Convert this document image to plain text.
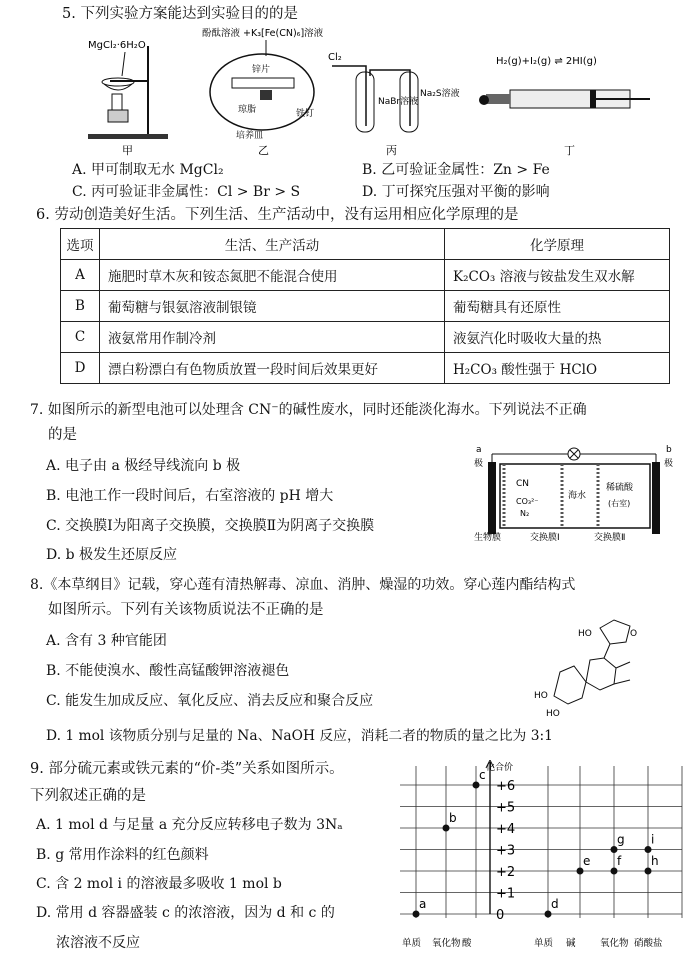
5. 下列实验方案能达到实验目的的是
MgCl₂·6H₂O
酚酞溶液 +K₃[Fe(CN)₆]溶液
锌片
琼脂	铁钉
培养皿
Cl₂
NaBr溶液
Na₂S溶液
H₂(g)+I₂(g) ⇌ 2HI(g)
甲	乙	丙	丁
A. 甲可制取无水 MgCl₂	B. 乙可验证金属性：Zn > Fe
C. 丙可验证非金属性：Cl > Br > S	D. 丁可探究压强对平衡的影响
6. 劳动创造美好生活。下列生活、生产活动中，没有运用相应化学原理的是
选项	生活、生产活动	化学原理
A	施肥时草木灰和铵态氮肥不能混合使用	K₂CO₃ 溶液与铵盐发生双水解
B	葡萄糖与银氨溶液制银镜	葡萄糖具有还原性
C	液氨常用作制冷剂	液氨汽化时吸收大量的热
D	漂白粉漂白有色物质放置一段时间后效果更好	H₂CO₃ 酸性强于 HClO
7. 如图所示的新型电池可以处理含 CN⁻的碱性废水，同时还能淡化海水。下列说法不正确
的是
A. 电子由 a 极经导线流向 b 极
B. 电池工作一段时间后，右室溶液的 pH 增大
C. 交换膜Ⅰ为阳离子交换膜，交换膜Ⅱ为阴离子交换膜
D. b 极发生还原反应
a
极
b
极
CN
CO₃²⁻
N₂
海水
稀硫酸
(右室)
生物膜	交换膜Ⅰ	交换膜Ⅱ
8.《本草纲目》记载，穿心莲有清热解毒、凉血、消肿、燥湿的功效。穿心莲内酯结构式
如图所示。下列有关该物质说法不正确的是
A. 含有 3 种官能团
B. 不能使溴水、酸性高锰酸钾溶液褪色
C. 能发生加成反应、氧化反应、消去反应和聚合反应
D. 1 mol 该物质分别与足量的 Na、NaOH 反应，消耗二者的物质的量之比为 3:1
O
HO
HO
HO
9. 部分硫元素或铁元素的“价-类”关系如图所示。
下列叙述正确的是
A. 1 mol d 与足量 a 充分反应转移电子数为 3Nₐ
B. g 常用作涂料的红色颜料
C. 含 2 mol i 的溶液最多吸收 1 mol b
D. 常用 d 容器盛装 c 的浓溶液，因为 d 和 c 的
浓溶液不反应
化合价
0
+1
+2
+3
+4
+5
+6
单质 氧化物 酸	单质 碱	氧化物 硝酸盐
a
b
c
d
e f
g
h
i
